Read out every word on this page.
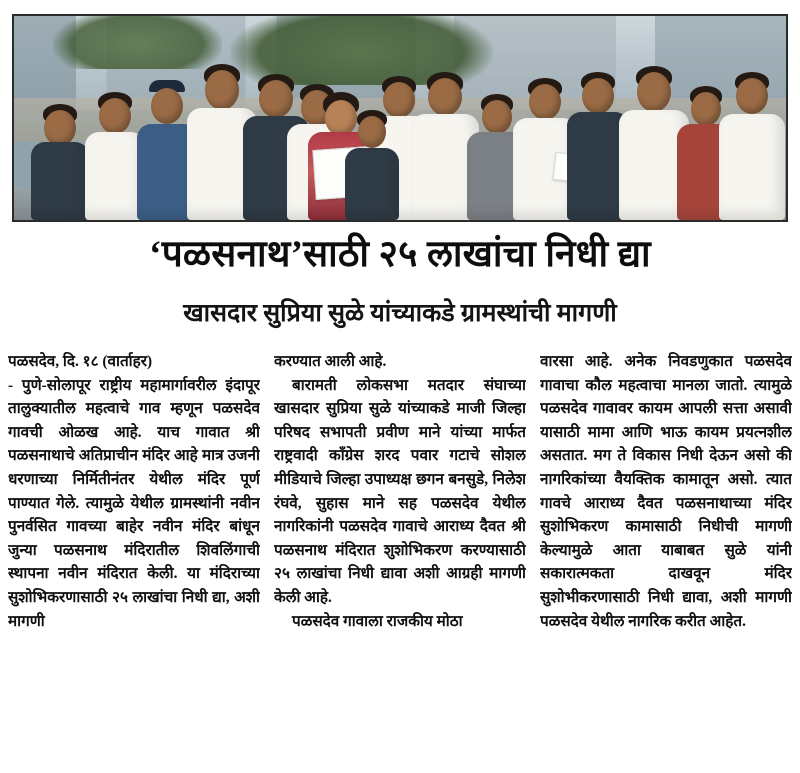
‘पळसनाथ’साठी २५ लाखांचा निधी द्या
खासदार सुप्रिया सुळे यांच्याकडे ग्रामस्थांची मागणी

पळसदेव, दि. १८ (वार्ताहर)

- पुणे-सोलापूर राष्ट्रीय महामार्गावरील इंदापूर तालुक्यातील महत्वाचे गाव म्हणून पळसदेव गावची ओळख आहे. याच गावात श्री पळसनाथाचे अतिप्राचीन मंदिर आहे मात्र उजनी धरणाच्या निर्मितीनंतर येथील मंदिर पूर्ण पाण्यात गेले. त्यामुळे येथील ग्रामस्थांनी नवीन पुनर्वसित गावच्या बाहेर नवीन मंदिर बांधून जुन्या पळसनाथ मंदिरातील शिवलिंगाची स्थापना नवीन मंदिरात केली. या मंदिराच्या सुशोभिकरणासाठी २५ लाखांचा निधी द्या, अशी मागणी

करण्यात आली आहे.

बारामती लोकसभा मतदार संघाच्या खासदार सुप्रिया सुळे यांच्याकडे माजी जिल्हा परिषद सभापती प्रवीण माने यांच्या मार्फत राष्ट्रवादी काँग्रेस शरद पवार गटाचे सोशल मीडियाचे जिल्हा उपाध्यक्ष छगन बनसुडे, निलेश रंघवे, सुहास माने सह पळसदेव येथील नागरिकांनी पळसदेव गावाचे आराध्य दैवत श्री पळसनाथ मंदिरात शुशोभिकरण करण्यासाठी २५ लाखांचा निधी द्यावा अशी आग्रही मागणी केली आहे.

पळसदेव गावाला राजकीय मोठा

वारसा आहे. अनेक निवडणुकात पळसदेव गावाचा कौल महत्वाचा मानला जातो. त्यामुळे पळसदेव गावावर कायम आपली सत्ता असावी यासाठी मामा आणि भाऊ कायम प्रयत्नशील असतात. मग ते विकास निधी देऊन असो की नागरिकांच्या वैयक्तिक कामातून असो. त्यात गावचे आराध्य दैवत पळसनाथाच्या मंदिर सुशोभिकरण कामासाठी निधीची मागणी केल्यामुळे आता याबाबत सुळे यांनी सकारात्मकता दाखवून मंदिर सुशोभीकरणासाठी निधी द्यावा, अशी मागणी पळसदेव येथील नागरिक करीत आहेत.
